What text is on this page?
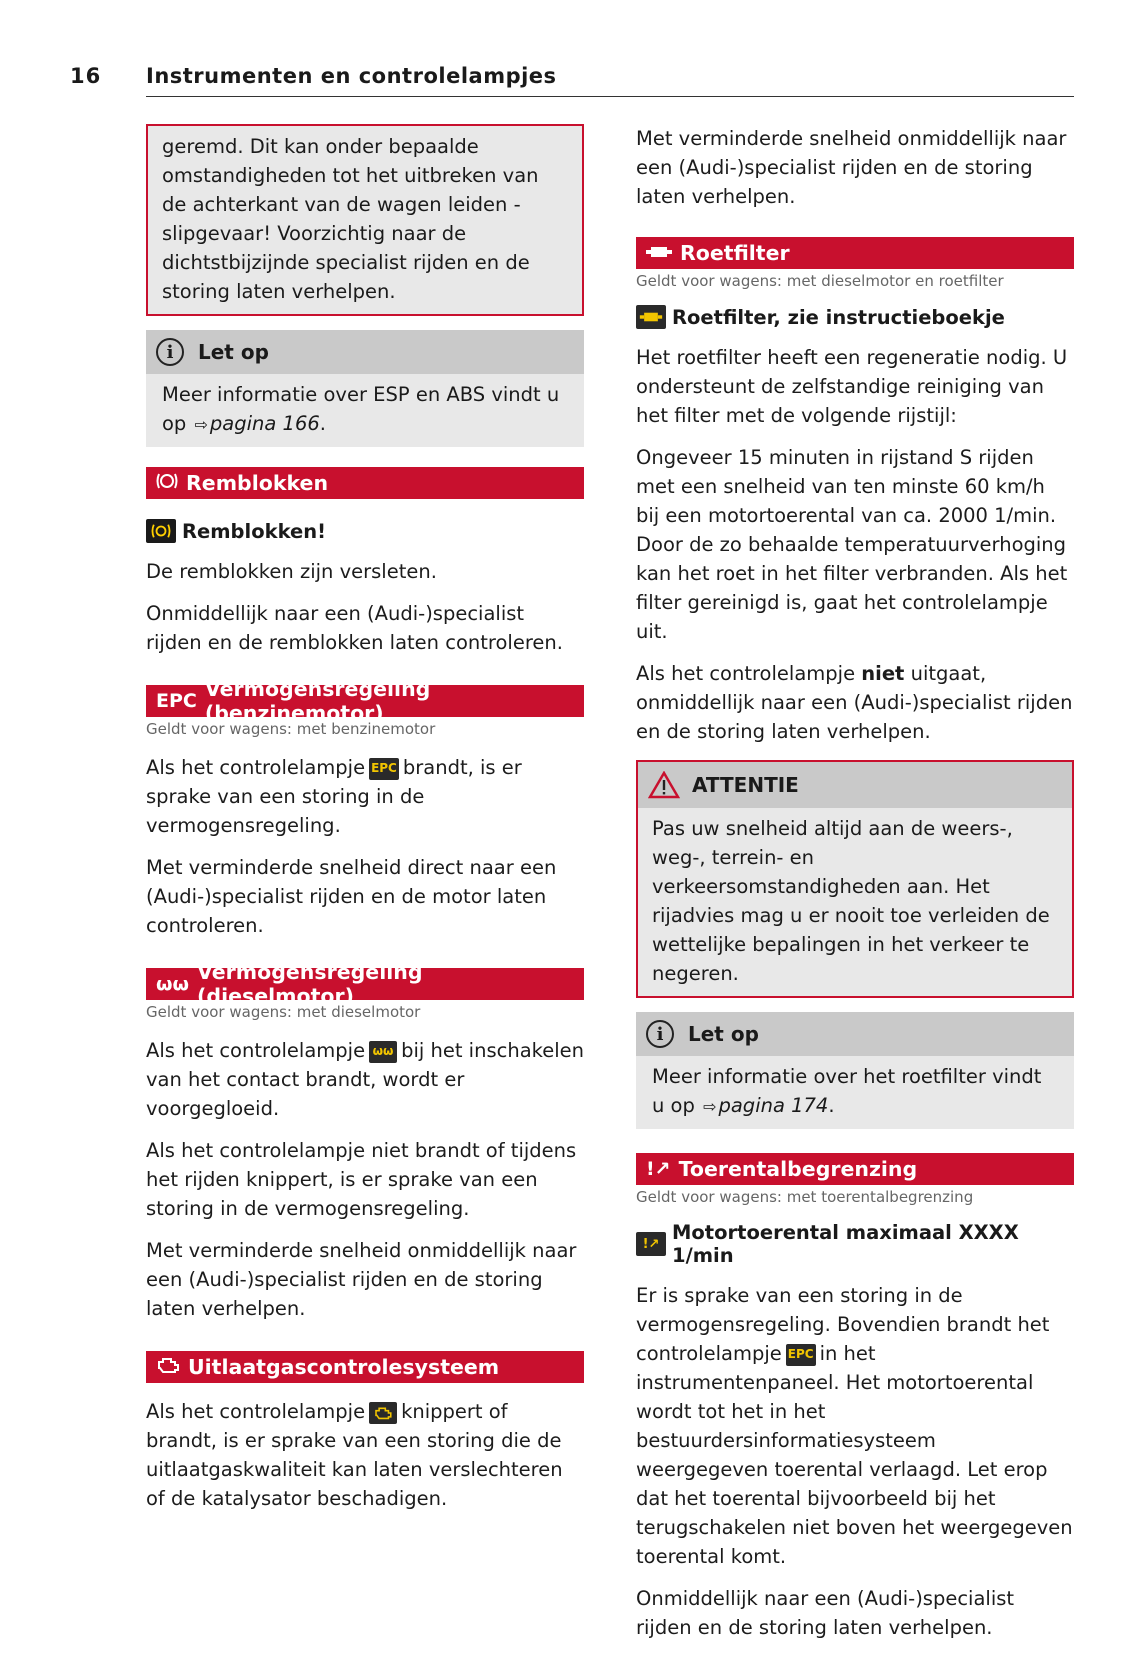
16 Instrumenten en controlelampjes

geremd. Dit kan onder bepaalde omstandigheden tot het uitbreken van de achterkant van de wagen leiden - slipgevaar! Voorzichtig naar de dichtstbijzijnde specialist rijden en de storing laten verhelpen.

i	Let op
Meer informatie over ESP en ABS vindt u op ⇨ pagina 166.
Remblokken
Remblokken!

De remblokken zijn versleten.

Onmiddellijk naar een (Audi-)specialist rijden en de remblokken laten controleren.

EPC Vermogensregeling (benzinemotor)
Geldt voor wagens: met benzinemotor

Als het controlelampje EPC brandt, is er sprake van een storing in de vermogensregeling.

Met verminderde snelheid direct naar een (Audi-)specialist rijden en de motor laten controleren.

ωω Vermogensregeling (dieselmotor)
Geldt voor wagens: met dieselmotor

Als het controlelampje ωω bij het inschakelen van het contact brandt, wordt er voorgegloeid.

Als het controlelampje niet brandt of tijdens het rijden knippert, is er sprake van een storing in de vermogensregeling.

Met verminderde snelheid onmiddellijk naar een (Audi-)specialist rijden en de storing laten verhelpen.

Uitlaatgascontrolesysteem

Als het controlelampje knippert of brandt, is er sprake van een storing die de uitlaatgaskwaliteit kan laten verslechteren of de katalysator beschadigen.

Met verminderde snelheid onmiddellijk naar een (Audi-)specialist rijden en de storing laten verhelpen.

Roetfilter
Geldt voor wagens: met dieselmotor en roetfilter
Roetfilter, zie instructieboekje

Het roetfilter heeft een regeneratie nodig. U ondersteunt de zelfstandige reiniging van het filter met de volgende rijstijl:

Ongeveer 15 minuten in rijstand S rijden met een snelheid van ten minste 60 km/h bij een motortoerental van ca. 2000 1/min. Door de zo behaalde temperatuurverhoging kan het roet in het filter verbranden. Als het filter gereinigd is, gaat het controlelampje uit.

Als het controlelampje niet uitgaat, onmiddellijk naar een (Audi-)specialist rijden en de storing laten verhelpen.

ATTENTIE

Pas uw snelheid altijd aan de weers-, weg-, terrein- en verkeersomstandigheden aan. Het rijadvies mag u er nooit toe verleiden de wettelijke bepalingen in het verkeer te negeren.

i	Let op
Meer informatie over het roetfilter vindt u op ⇨ pagina 174.
!↗ Toerentalbegrenzing
Geldt voor wagens: met toerentalbegrenzing
!↗ Motortoerental maximaal XXXX 1/min

Er is sprake van een storing in de vermogensregeling. Bovendien brandt het controlelampje EPC in het instrumentenpaneel. Het motortoerental wordt tot het in het bestuurdersinformatiesysteem weergegeven toerental verlaagd. Let erop dat het toerental bijvoorbeeld bij het terugschakelen niet boven het weergegeven toerental komt.

Onmiddellijk naar een (Audi-)specialist rijden en de storing laten verhelpen.
